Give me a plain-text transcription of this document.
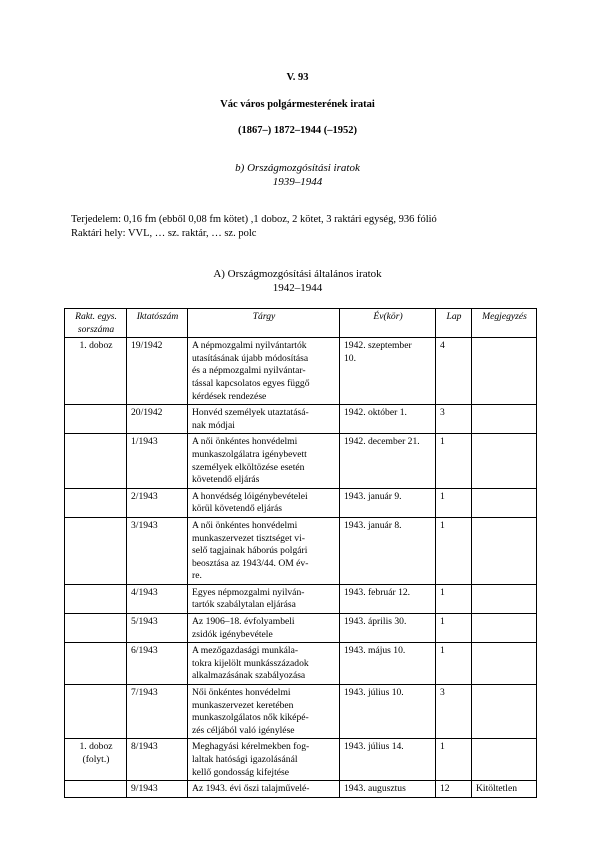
V. 93
Vác város polgármesterének iratai
(1867–) 1872–1944 (–1952)
b) Országmozgósítási iratok
1939–1944
Terjedelem: 0,16 fm (ebből 0,08 fm kötet) ,1 doboz, 2 kötet, 3 raktári egység, 936 fólió
Raktári hely: VVL, … sz. raktár, … sz. polc
A) Országmozgósítási általános iratok
1942–1944
Rakt. egys.
sorszáma	Iktatószám	Tárgy	Év(kör)	Lap	Megjegyzés

1. doboz	19/1942	A népmozgalmi nyilvántartók
utasításának újabb módosítása
és a népmozgalmi nyilvántar-
tással kapcsolatos egyes függő
kérdések rendezése	1942. szeptember
10.	4	

	20/1942	Honvéd személyek utaztatásá-
nak módjai	1942. október 1.	3	

	1/1943	A női önkéntes honvédelmi
munkaszolgálatra igénybevett
személyek elköltözése esetén
követendő eljárás	1942. december 21.	1	

	2/1943	A honvédség lóigénybevételei
körül követendő eljárás	1943. január 9.	1	

	3/1943	A női önkéntes honvédelmi
munkaszervezet tisztséget vi-
selő tagjainak háborús polgári
beosztása az 1943/44. OM év-
re.	1943. január 8.	1	

	4/1943	Egyes népmozgalmi nyilván-
tartók szabálytalan eljárása	1943. február 12.	1	

	5/1943	Az 1906–18. évfolyambeli
zsidók igénybevétele	1943. április 30.	1	

	6/1943	A mezőgazdasági munkála-
tokra kijelölt munkásszázadok
alkalmazásának szabályozása	1943. május 10.	1	

	7/1943	Női önkéntes honvédelmi
munkaszervezet keretében
munkaszolgálatos nők kiképé-
zés céljából való igénylése	1943. július 10.	3	

1. doboz
(folyt.)	8/1943	Meghagyási kérelmekben fog-
laltak hatósági igazolásánál
kellő gondosság kifejtése	1943. július 14.	1	

	9/1943	Az 1943. évi őszi talajművelé-	1943. augusztus	12	Kitöltetlen
